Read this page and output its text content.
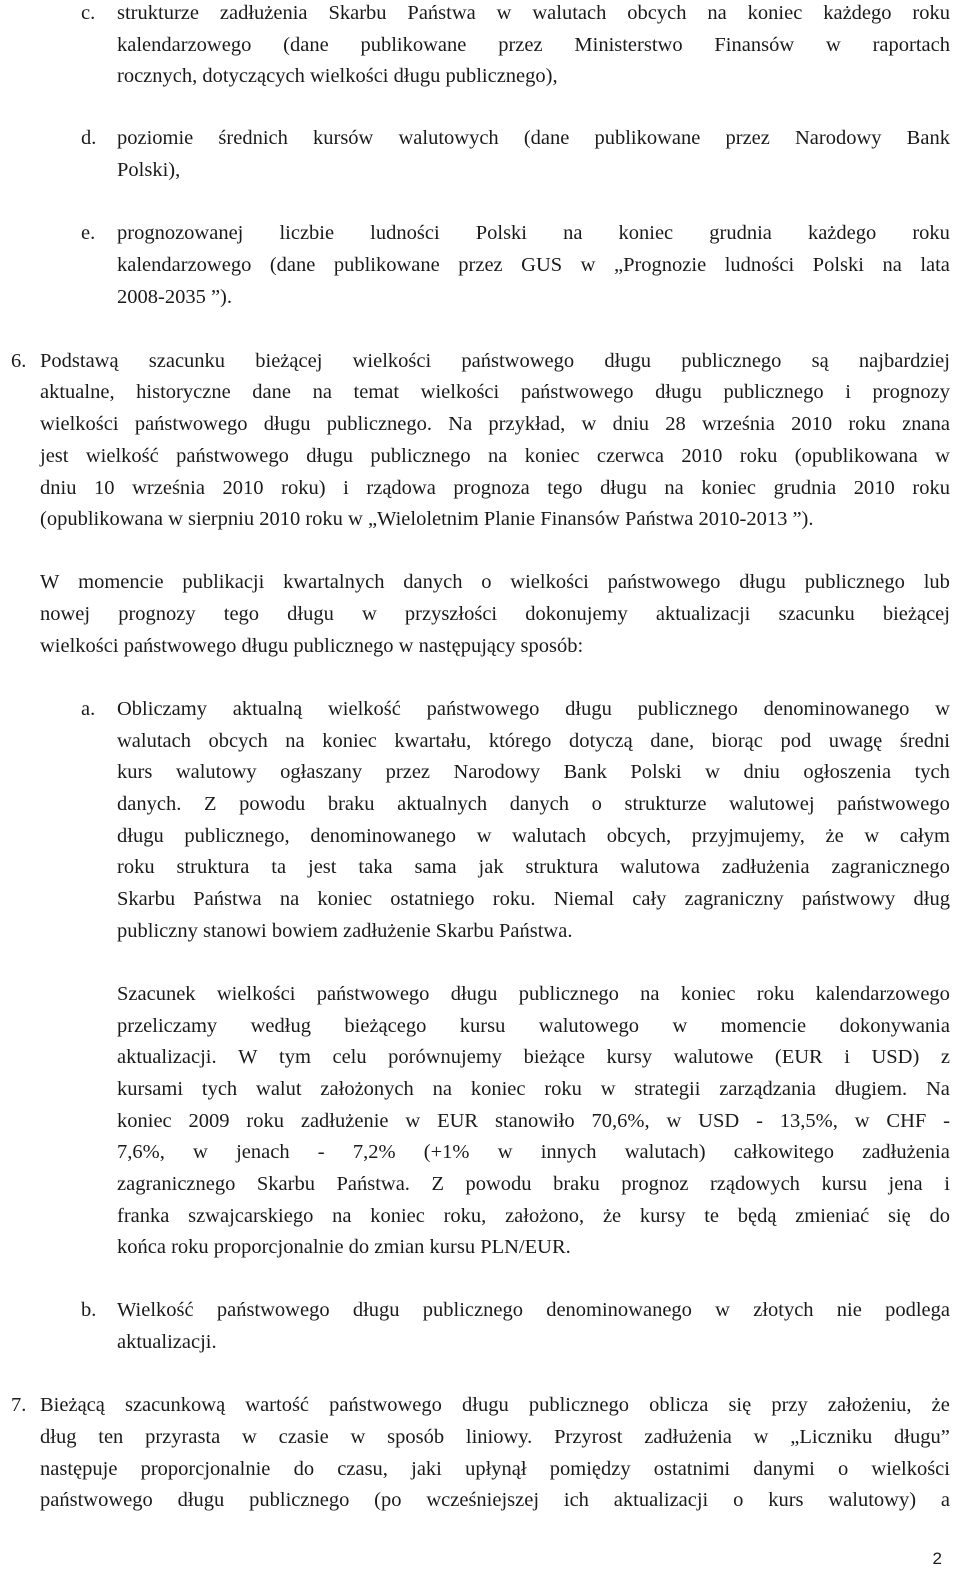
c. strukturze zadłużenia Skarbu Państwa w walutach obcych na koniec każdego roku
kalendarzowego (dane publikowane przez Ministerstwo Finansów w raportach
rocznych, dotyczących wielkości długu publicznego),
d. poziomie średnich kursów walutowych (dane publikowane przez Narodowy Bank
Polski),
e. prognozowanej liczbie ludności Polski na koniec grudnia każdego roku
kalendarzowego (dane publikowane przez GUS w „Prognozie ludności Polski na lata
2008-2035 ”).
6. Podstawą szacunku bieżącej wielkości państwowego długu publicznego są najbardziej
aktualne, historyczne dane na temat wielkości państwowego długu publicznego i prognozy
wielkości państwowego długu publicznego. Na przykład, w dniu 28 września 2010 roku znana
jest wielkość państwowego długu publicznego na koniec czerwca 2010 roku (opublikowana w
dniu 10 września 2010 roku) i rządowa prognoza tego długu na koniec grudnia 2010 roku
(opublikowana w sierpniu 2010 roku w „Wieloletnim Planie Finansów Państwa 2010-2013 ”).
W momencie publikacji kwartalnych danych o wielkości państwowego długu publicznego lub
nowej prognozy tego długu w przyszłości dokonujemy aktualizacji szacunku bieżącej
wielkości państwowego długu publicznego w następujący sposób:
a. Obliczamy aktualną wielkość państwowego długu publicznego denominowanego w
walutach obcych na koniec kwartału, którego dotyczą dane, biorąc pod uwagę średni
kurs walutowy ogłaszany przez Narodowy Bank Polski w dniu ogłoszenia tych
danych. Z powodu braku aktualnych danych o strukturze walutowej państwowego
długu publicznego, denominowanego w walutach obcych, przyjmujemy, że w całym
roku struktura ta jest taka sama jak struktura walutowa zadłużenia zagranicznego
Skarbu Państwa na koniec ostatniego roku. Niemal cały zagraniczny państwowy dług
publiczny stanowi bowiem zadłużenie Skarbu Państwa.
Szacunek wielkości państwowego długu publicznego na koniec roku kalendarzowego
przeliczamy według bieżącego kursu walutowego w momencie dokonywania
aktualizacji. W tym celu porównujemy bieżące kursy walutowe (EUR i USD) z
kursami tych walut założonych na koniec roku w strategii zarządzania długiem. Na
koniec 2009 roku zadłużenie w EUR stanowiło 70,6%, w USD - 13,5%, w CHF -
7,6%, w jenach - 7,2% (+1% w innych walutach) całkowitego zadłużenia
zagranicznego Skarbu Państwa. Z powodu braku prognoz rządowych kursu jena i
franka szwajcarskiego na koniec roku, założono, że kursy te będą zmieniać się do
końca roku proporcjonalnie do zmian kursu PLN/EUR.
b. Wielkość państwowego długu publicznego denominowanego w złotych nie podlega
aktualizacji.
7. Bieżącą szacunkową wartość państwowego długu publicznego oblicza się przy założeniu, że
dług ten przyrasta w czasie w sposób liniowy. Przyrost zadłużenia w „Liczniku długu”
następuje proporcjonalnie do czasu, jaki upłynął pomiędzy ostatnimi danymi o wielkości
państwowego długu publicznego (po wcześniejszej ich aktualizacji o kurs walutowy) a
2
